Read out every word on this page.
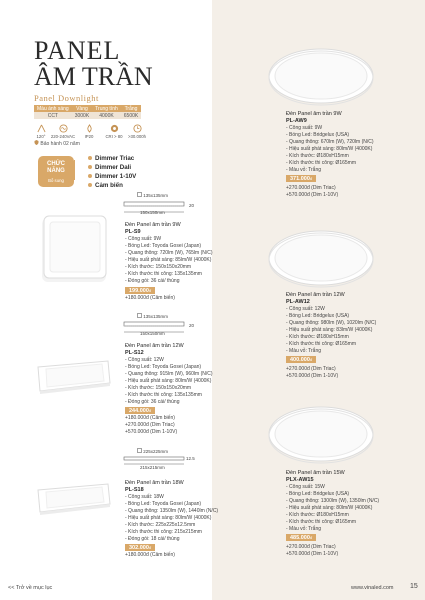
PANEL
ÂM TRẦN
Panel Downlight
Màu ánh sáng	Vàng	Trung tính	Trắng
CCT	3000K	4000K	6500K
120°	220-240VAC	IP20	CRI > 80	>30.000h
Bảo hành 02 năm
CHỨC
NĂNG
Bổ sung
Dimmer Triac
Dimmer Dali
Dimmer 1-10V
Cảm biến
135x135mm
150x150mm
20
Đèn Panel âm trần 9W
PL-S9
- Công suất: 9W
- Bóng Led: Toyoda Gosei (Japan)
- Quang thông: 720lm (W), 765lm (N/C)
- Hiệu suất phát sáng: 85lm/W (4000K)
- Kích thước: 150x150x20mm
- Kích thước thi công: 135x135mm
- Đóng gói: 36 cái/ thùng
199.000đ
+180.000đ (Cảm biến)
135x135mm
150x150mm
20
Đèn Panel âm trần 12W
PL-S12
- Công suất: 12W
- Bóng Led: Toyoda Gosei (Japan)
- Quang thông: 915lm (W), 960lm (N/C)
- Hiệu suất phát sáng: 80lm/W (4000K)
- Kích thước: 150x150x20mm
- Kích thước thi công: 135x135mm
- Đóng gói: 36 cái/ thùng
244.000đ
+180.000đ (Cảm biến)
+270.000đ (Dim Triac)
+570.000đ (Dim 1-10V)
225x225mm
215x215mm
12.5
Đèn Panel âm trần 18W
PL-S18
- Công suất: 18W
- Bóng Led: Toyoda Gosei (Japan)
- Quang thông: 1350lm (W), 1440lm (N/C)
- Hiệu suất phát sáng: 80lm/W (4000K)
- Kích thước: 225x225x12.5mm
- Kích thước thi công: 215x215mm
- Đóng gói: 18 cái/ thùng
302.000đ
+180.000đ (Cảm biến)
Đèn Panel âm trần 9W
PL-AW9
- Công suất: 9W
- Bóng Led: Bridgelux (USA)
- Quang thông: 670lm (W), 720lm (N/C)
- Hiệu suất phát sáng: 80lm/W (4000K)
- Kích thước: Ø180xH15mm
- Kích thước thi công: Ø165mm
- Màu vỏ: Trắng
371.000đ
+270.000đ (Dim Triac)
+570.000đ (Dim 1-10V)
Đèn Panel âm trần 12W
PL-AW12
- Công suất: 12W
- Bóng Led: Bridgelux (USA)
- Quang thông: 980lm (W), 1020lm (N/C)
- Hiệu suất phát sáng: 83lm/W (4000K)
- Kích thước: Ø180xH15mm
- Kích thước thi công: Ø165mm
- Màu vỏ: Trắng
400.000đ
+270.000đ (Dim Triac)
+570.000đ (Dim 1-10V)
Đèn Panel âm trần 15W
PLX-AW15
- Công suất: 15W
- Bóng Led: Bridgelux (USA)
- Quang thông: 1300lm (W), 1350lm (N/C)
- Hiệu suất phát sáng: 80lm/W (4000K)
- Kích thước: Ø180xH15mm
- Kích thước thi công: Ø165mm
- Màu vỏ: Trắng
485.000đ
+270.000đ (Dim Triac)
+570.000đ (Dim 1-10V)
<< Trở về mục lục	www.vinaled.com 15
